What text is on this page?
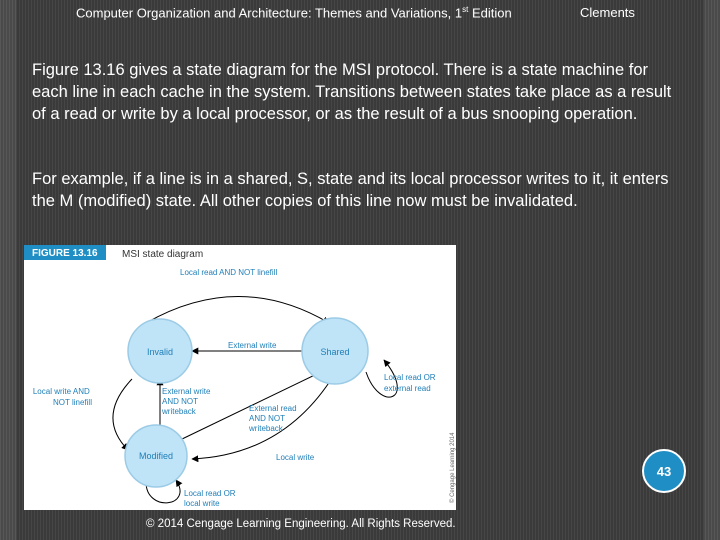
Computer Organization and Architecture: Themes and Variations, 1st Edition	Clements
Figure 13.16 gives a state diagram for the MSI protocol. There is a state machine for each line in each cache in the system. Transitions between states take place as a result of a read or write by a local processor, or as the result of a bus snooping operation.
For example, if a line is in a shared, S, state and its local processor writes to it, it enters the M (modified) state. All other copies of this line now must be invalidated.
FIGURE 13.16 MSI state diagram
Invalid	Shared
Modified
Local read AND NOT linefill
External write
Local read OR external read
Local write AND NOT linefill
External write AND NOT writeback	External read AND NOT writeback
Local write
Local read OR local write
© Cengage Learning 2014	43
© 2014 Cengage Learning Engineering. All Rights Reserved.
